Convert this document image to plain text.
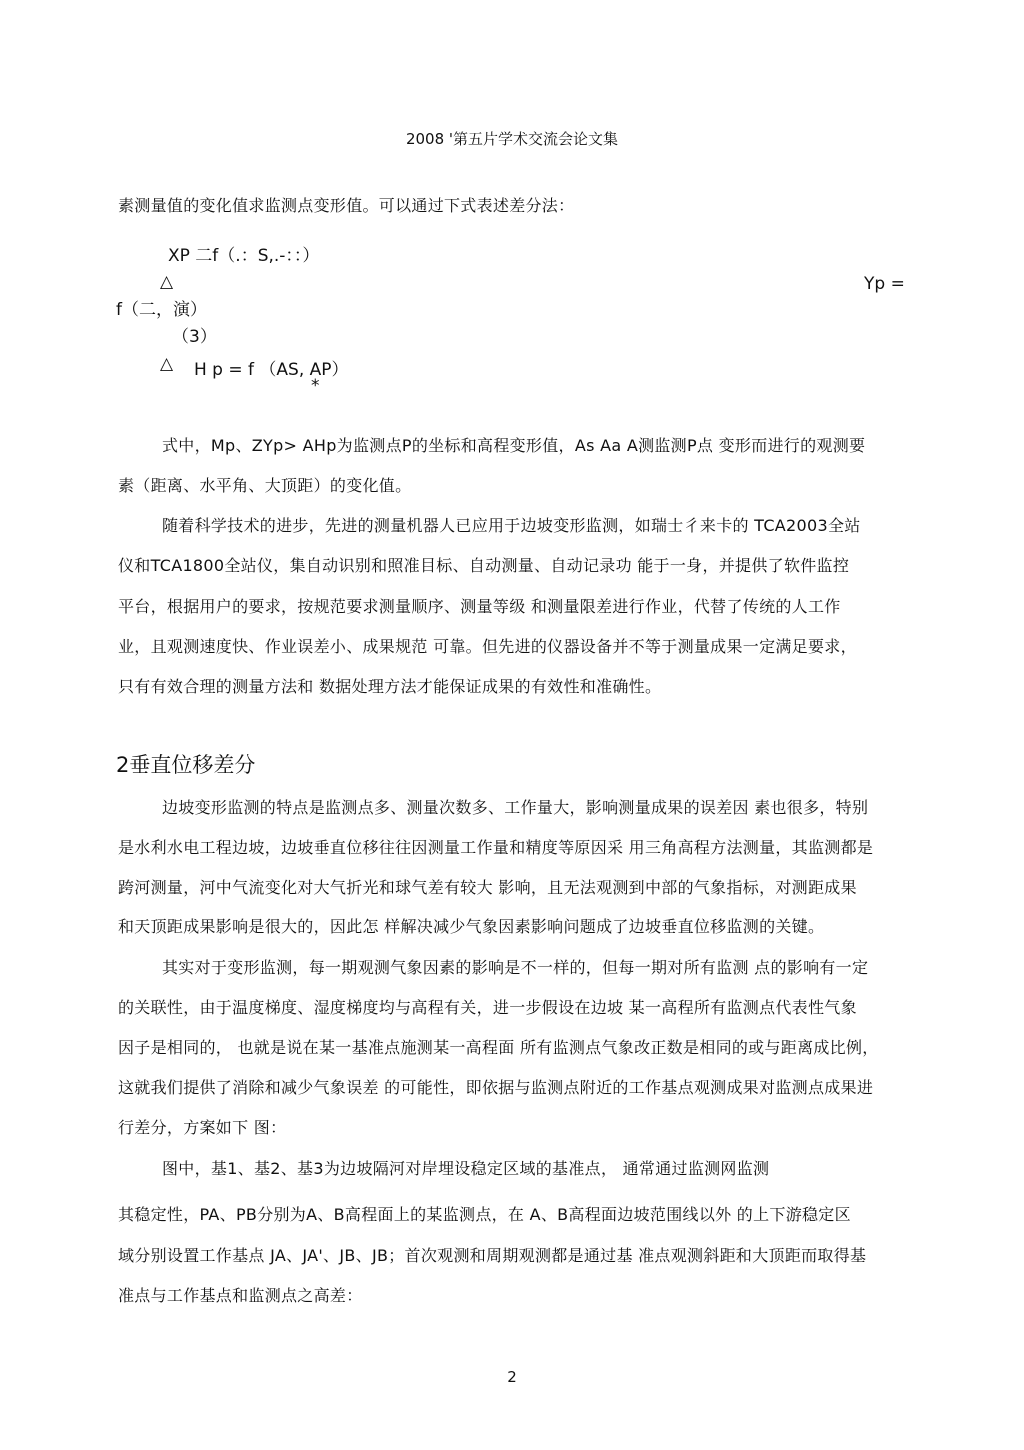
2008 '第五片学术交流会论文集
素测量值的变化值求监测点变形值。可以通过下式表述差分法：
XP 二f（.：S,.-：：）
△	Yp =
f（二，演）
（3）
△ H p = f （AS, AP）
*
式中，Mp、ZYp> AHp为监测点P的坐标和高程变形值，As Aa A测监测P点 变形而进行的观测要
素（距离、水平角、大顶距）的变化值。
随着科学技术的进步，先进的测量机器人已应用于边坡变形监测，如瑞士彳来卡的 TCA2003全站
仪和TCA1800全站仪，集自动识别和照准目标、自动测量、自动记录功 能于一身，并提供了软件监控
平台，根据用户的要求，按规范要求测量顺序、测量等级 和测量限差进行作业，代替了传统的人工作
业，且观测速度快、作业误差小、成果规范 可靠。但先进的仪器设备并不等于测量成果一定满足要求，
只有有效合理的测量方法和 数据处理方法才能保证成果的有效性和准确性。
2垂直位移差分
边坡变形监测的特点是监测点多、测量次数多、工作量大，影响测量成果的误差因 素也很多，特别
是水利水电工程边坡，边坡垂直位移往往因测量工作量和精度等原因采 用三角高程方法测量，其监测都是
跨河测量，河中气流变化对大气折光和球气差有较大 影响，且无法观测到中部的气象指标，对测距成果
和天顶距成果影响是很大的，因此怎 样解决减少气象因素影响问题成了边坡垂直位移监测的关键。
其实对于变形监测，每一期观测气象因素的影响是不一样的，但每一期对所有监测 点的影响有一定
的关联性，由于温度梯度、湿度梯度均与高程有关，进一步假设在边坡 某一高程所有监测点代表性气象
因子是相同的， 也就是说在某一基准点施测某一高程面 所有监测点气象改正数是相同的或与距离成比例，
这就我们提供了消除和减少气象误差 的可能性，即依据与监测点附近的工作基点观测成果对监测点成果进
行差分，方案如下 图：
图中，基1、基2、基3为边坡隔河对岸埋设稳定区域的基准点， 通常通过监测网监测
其稳定性，PA、PB分别为A、B高程面上的某监测点，在 A、B高程面边坡范围线以外 的上下游稳定区
域分别设置工作基点 JA、JA'、JB、JB；首次观测和周期观测都是通过基 准点观测斜距和大顶距而取得基
准点与工作基点和监测点之高差：
2
